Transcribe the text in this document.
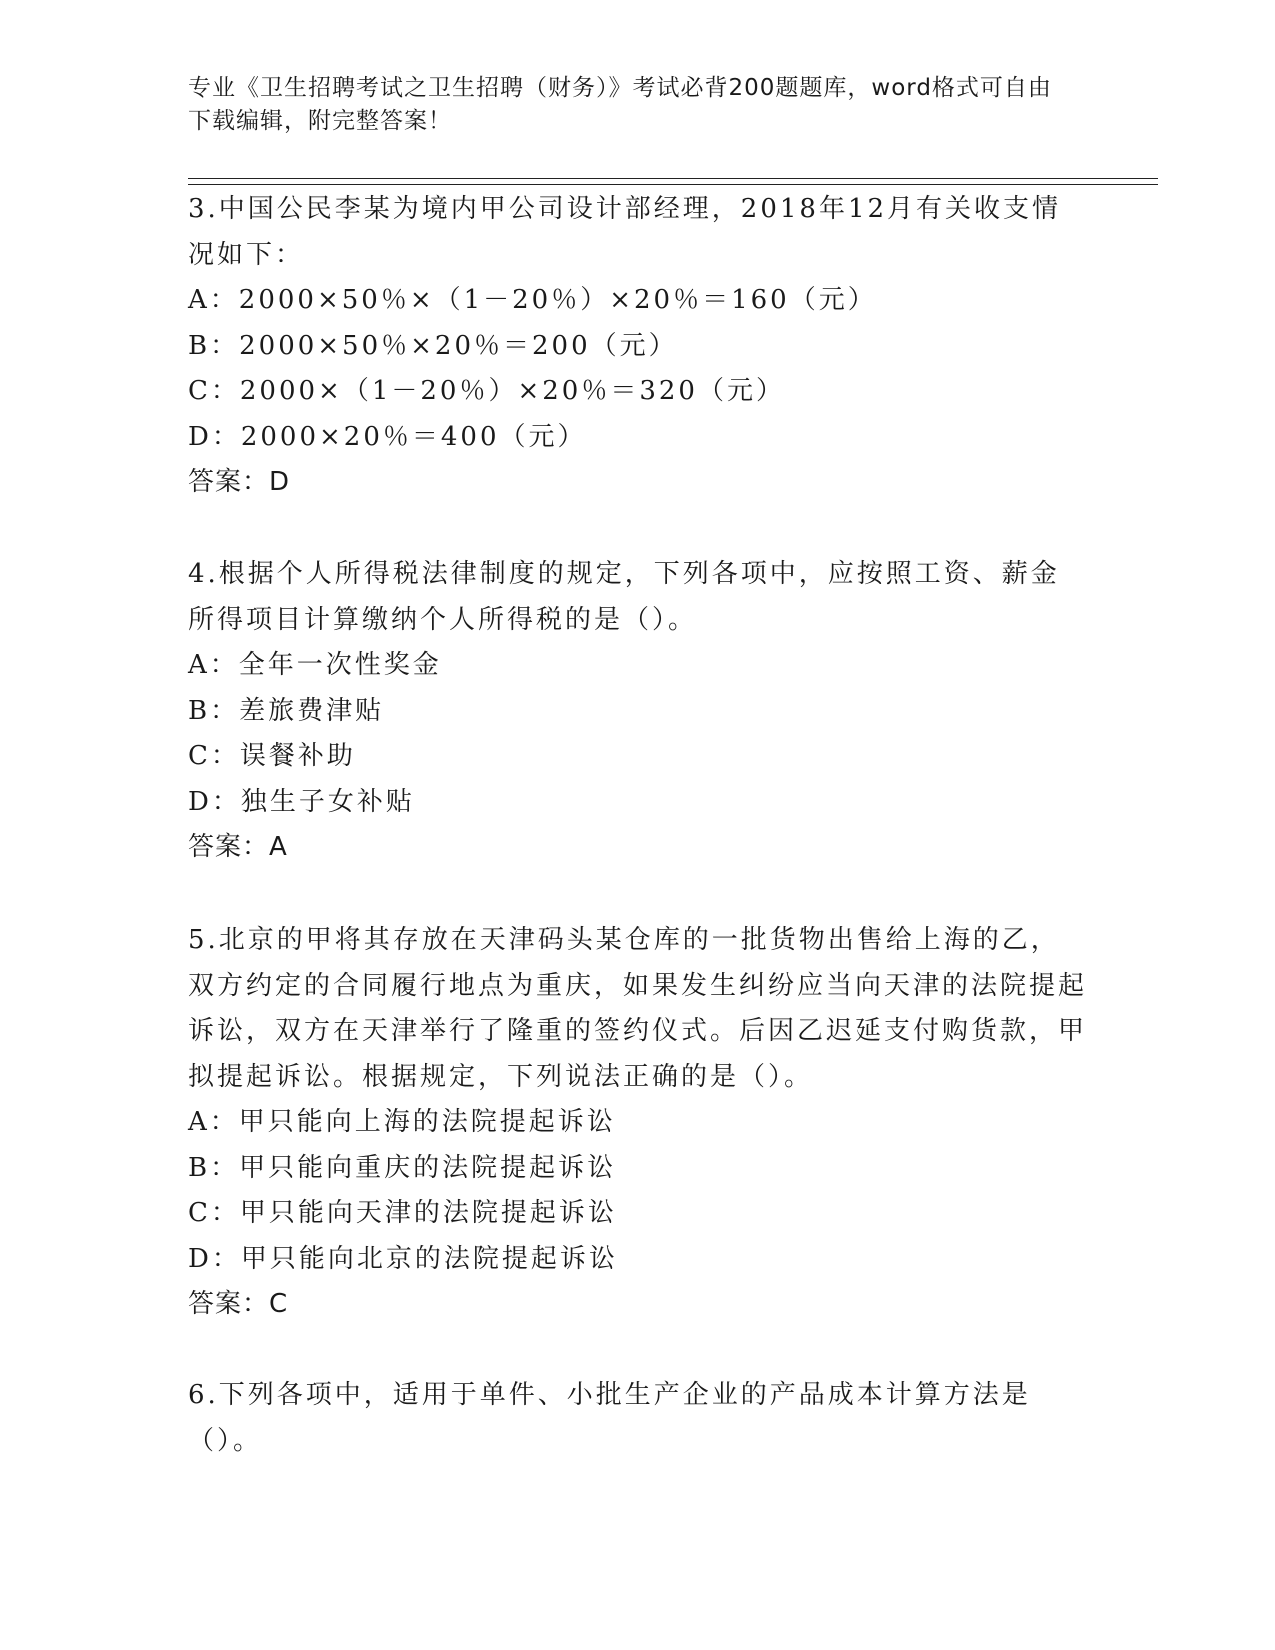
专业《卫生招聘考试之卫生招聘（财务）》考试必背200题题库，word格式可自由下载编辑，附完整答案！

3.中国公民李某为境内甲公司设计部经理，2018年12月有关收支情况如下：

A：2000×50％×（1－20％）×20％＝160（元）

B：2000×50％×20％＝200（元）

C：2000×（1－20％）×20％＝320（元）

D：2000×20％＝400（元）

答案：D

4.根据个人所得税法律制度的规定，下列各项中，应按照工资、薪金所得项目计算缴纳个人所得税的是（）。

A：全年一次性奖金

B：差旅费津贴

C：误餐补助

D：独生子女补贴

答案：A

5.北京的甲将其存放在天津码头某仓库的一批货物出售给上海的乙，双方约定的合同履行地点为重庆，如果发生纠纷应当向天津的法院提起诉讼，双方在天津举行了隆重的签约仪式。后因乙迟延支付购货款，甲拟提起诉讼。根据规定，下列说法正确的是（）。

A：甲只能向上海的法院提起诉讼

B：甲只能向重庆的法院提起诉讼

C：甲只能向天津的法院提起诉讼

D：甲只能向北京的法院提起诉讼

答案：C

6.下列各项中，适用于单件、小批生产企业的产品成本计算方法是（）。
